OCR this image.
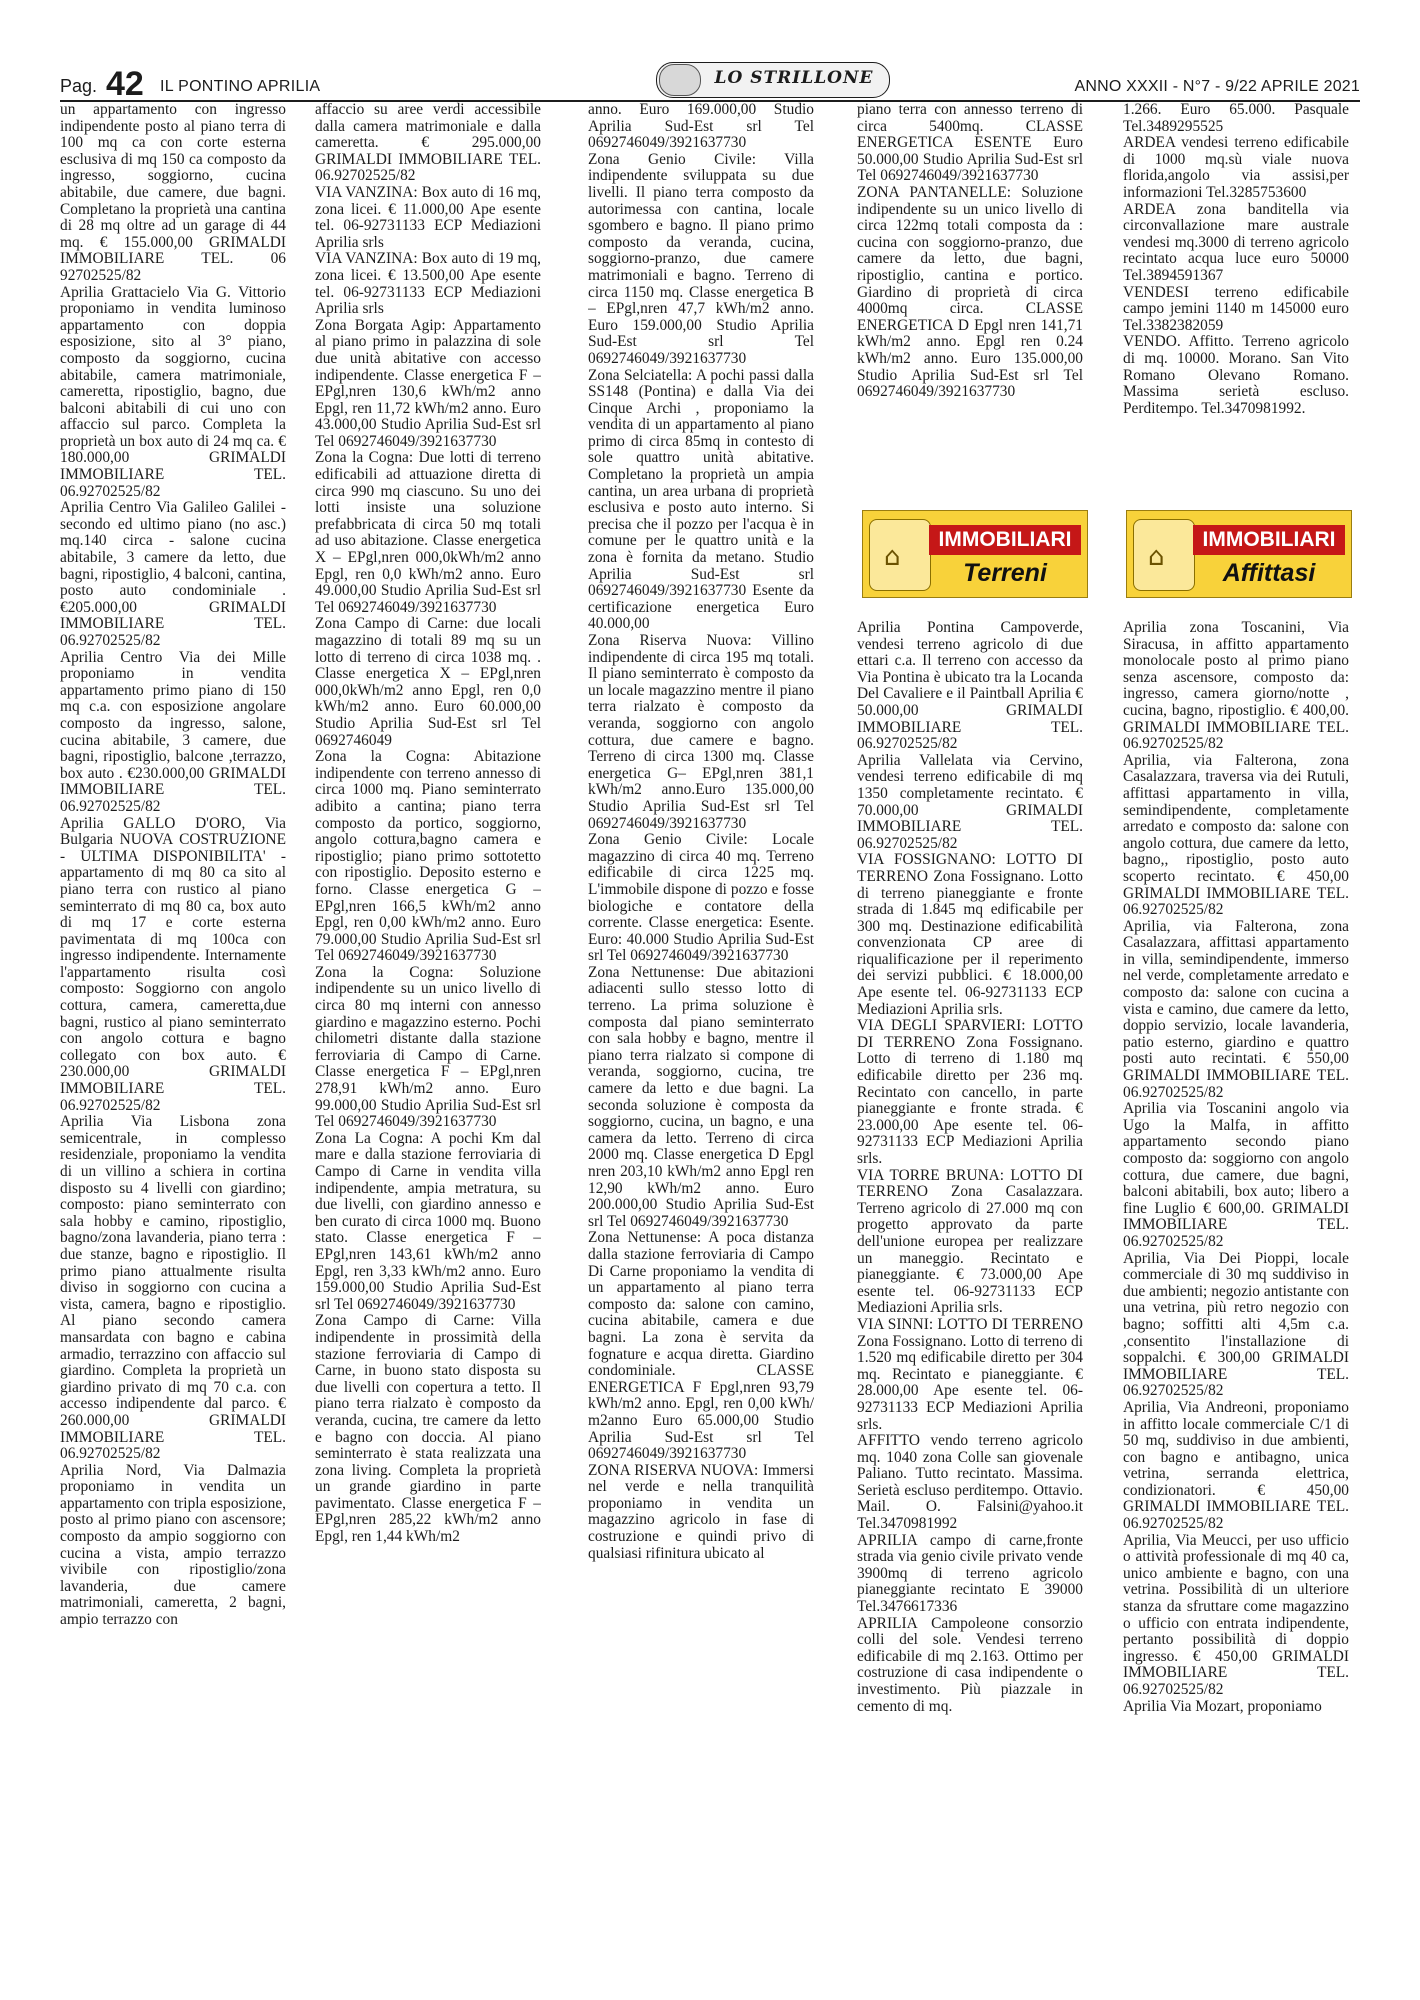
Pag. 42 IL PONTINO APRILIA	LO STRILLONE	ANNO XXXII - N°7 - 9/22 APRILE 2021

un appartamento con ingresso indipendente posto al piano terra di 100 mq ca con corte esterna esclusiva di mq 150 ca composto da ingresso, soggiorno, cucina abitabile, due camere, due bagni. Completano la proprietà una cantina di 28 mq oltre ad un garage di 44 mq. € 155.000,00 GRIMALDI IMMOBILIARE TEL. 06 92702525/82

Aprilia Grattacielo Via G. Vittorio proponiamo in vendita luminoso appartamento con doppia esposizione, sito al 3° piano, composto da soggiorno, cucina abitabile, camera matrimoniale, cameretta, ripostiglio, bagno, due balconi abitabili di cui uno con affaccio sul parco. Completa la proprietà un box auto di 24 mq ca. € 180.000,00 GRIMALDI IMMOBILIARE TEL. 06.92702525/82

Aprilia Centro Via Galileo Galilei - secondo ed ultimo piano (no asc.) mq.140 circa - salone cucina abitabile, 3 camere da letto, due bagni, ripostiglio, 4 balconi, cantina, posto auto condominiale . €205.000,00 GRIMALDI IMMOBILIARE TEL. 06.92702525/82

Aprilia Centro Via dei Mille proponiamo in vendita appartamento primo piano di 150 mq c.a. con esposizione angolare composto da ingresso, salone, cucina abitabile, 3 camere, due bagni, ripostiglio, balcone ,terrazzo, box auto . €230.000,00 GRIMALDI IMMOBILIARE TEL. 06.92702525/82

Aprilia GALLO D'ORO, Via Bulgaria NUOVA COSTRUZIONE - ULTIMA DISPONIBILITA' - appartamento di mq 80 ca sito al piano terra con rustico al piano seminterrato di mq 80 ca, box auto di mq 17 e corte esterna pavimentata di mq 100ca con ingresso indipendente. Internamente l'appartamento risulta così composto: Soggiorno con angolo cottura, camera, cameretta,due bagni, rustico al piano seminterrato con angolo cottura e bagno collegato con box auto. € 230.000,00 GRIMALDI IMMOBILIARE TEL. 06.92702525/82

Aprilia Via Lisbona zona semicentrale, in complesso residenziale, proponiamo la vendita di un villino a schiera in cortina disposto su 4 livelli con giardino; composto: piano seminterrato con sala hobby e camino, ripostiglio, bagno/zona lavanderia, piano terra : due stanze, bagno e ripostiglio. Il primo piano attualmente risulta diviso in soggiorno con cucina a vista, camera, bagno e ripostiglio. Al piano secondo camera mansardata con bagno e cabina armadio, terrazzino con affaccio sul giardino. Completa la proprietà un giardino privato di mq 70 c.a. con accesso indipendente dal parco. € 260.000,00 GRIMALDI IMMOBILIARE TEL. 06.92702525/82

Aprilia Nord, Via Dalmazia proponiamo in vendita un appartamento con tripla esposizione, posto al primo piano con ascensore; composto da ampio soggiorno con cucina a vista, ampio terrazzo vivibile con ripostiglio/zona lavanderia, due camere matrimoniali, cameretta, 2 bagni, ampio terrazzo con

affaccio su aree verdi accessibile dalla camera matrimoniale e dalla cameretta. € 295.000,00 GRIMALDI IMMOBILIARE TEL. 06.92702525/82

VIA VANZINA: Box auto di 16 mq, zona licei. € 11.000,00 Ape esente tel. 06-92731133 ECP Mediazioni Aprilia srls

VIA VANZINA: Box auto di 19 mq, zona licei. € 13.500,00 Ape esente tel. 06-92731133 ECP Mediazioni Aprilia srls

Zona Borgata Agip: Appartamento al piano primo in palazzina di sole due unità abitative con accesso indipendente. Classe energetica F – EPgl,nren 130,6 kWh/m2 anno Epgl, ren 11,72 kWh/m2 anno. Euro 43.000,00 Studio Aprilia Sud-Est srl Tel 0692746049/3921637730

Zona la Cogna: Due lotti di terreno edificabili ad attuazione diretta di circa 990 mq ciascuno. Su uno dei lotti insiste una soluzione prefabbricata di circa 50 mq totali ad uso abitazione. Classe energetica X – EPgl,nren 000,0kWh/m2 anno Epgl, ren 0,0 kWh/m2 anno. Euro 49.000,00 Studio Aprilia Sud-Est srl Tel 0692746049/3921637730

Zona Campo di Carne: due locali magazzino di totali 89 mq su un lotto di terreno di circa 1038 mq. . Classe energetica X – EPgl,nren 000,0kWh/m2 anno Epgl, ren 0,0 kWh/m2 anno. Euro 60.000,00 Studio Aprilia Sud-Est srl Tel 0692746049

Zona la Cogna: Abitazione indipendente con terreno annesso di circa 1000 mq. Piano seminterrato adibito a cantina; piano terra composto da portico, soggiorno, angolo cottura,bagno camera e ripostiglio; piano primo sottotetto con ripostiglio. Deposito esterno e forno. Classe energetica G – EPgl,nren 166,5 kWh/m2 anno Epgl, ren 0,00 kWh/m2 anno. Euro 79.000,00 Studio Aprilia Sud-Est srl Tel 0692746049/3921637730

Zona la Cogna: Soluzione indipendente su un unico livello di circa 80 mq interni con annesso giardino e magazzino esterno. Pochi chilometri distante dalla stazione ferroviaria di Campo di Carne. Classe energetica F – EPgl,nren 278,91 kWh/m2 anno. Euro 99.000,00 Studio Aprilia Sud-Est srl Tel 0692746049/3921637730

Zona La Cogna: A pochi Km dal mare e dalla stazione ferroviaria di Campo di Carne in vendita villa indipendente, ampia metratura, su due livelli, con giardino annesso e ben curato di circa 1000 mq. Buono stato. Classe energetica F – EPgl,nren 143,61 kWh/m2 anno Epgl, ren 3,33 kWh/m2 anno. Euro 159.000,00 Studio Aprilia Sud-Est srl Tel 0692746049/3921637730

Zona Campo di Carne: Villa indipendente in prossimità della stazione ferroviaria di Campo di Carne, in buono stato disposta su due livelli con copertura a tetto. Il piano terra rialzato è composto da veranda, cucina, tre camere da letto e bagno con doccia. Al piano seminterrato è stata realizzata una zona living. Completa la proprietà un grande giardino in parte pavimentato. Classe energetica F – EPgl,nren 285,22 kWh/m2 anno Epgl, ren 1,44 kWh/m2

anno. Euro 169.000,00 Studio Aprilia Sud-Est srl Tel 0692746049/3921637730

Zona Genio Civile: Villa indipendente sviluppata su due livelli. Il piano terra composto da autorimessa con cantina, locale sgombero e bagno. Il piano primo composto da veranda, cucina, soggiorno-pranzo, due camere matrimoniali e bagno. Terreno di circa 1150 mq. Classe energetica B – EPgl,nren 47,7 kWh/m2 anno. Euro 159.000,00 Studio Aprilia Sud-Est srl Tel 0692746049/3921637730

Zona Selciatella: A pochi passi dalla SS148 (Pontina) e dalla Via dei Cinque Archi , proponiamo la vendita di un appartamento al piano primo di circa 85mq in contesto di sole quattro unità abitative. Completano la proprietà un ampia cantina, un area urbana di proprietà esclusiva e posto auto interno. Si precisa che il pozzo per l'acqua è in comune per le quattro unità e la zona è fornita da metano. Studio Aprilia Sud-Est srl 0692746049/3921637730 Esente da certificazione energetica Euro 40.000,00

Zona Riserva Nuova: Villino indipendente di circa 195 mq totali. Il piano seminterrato è composto da un locale magazzino mentre il piano terra rialzato è composto da veranda, soggiorno con angolo cottura, due camere e bagno. Terreno di circa 1300 mq. Classe energetica G– EPgl,nren 381,1 kWh/m2 anno.Euro 135.000,00 Studio Aprilia Sud-Est srl Tel 0692746049/3921637730

Zona Genio Civile: Locale magazzino di circa 40 mq. Terreno edificabile di circa 1225 mq. L'immobile dispone di pozzo e fosse biologiche e contatore della corrente. Classe energetica: Esente. Euro: 40.000 Studio Aprilia Sud-Est srl Tel 0692746049/3921637730

Zona Nettunense: Due abitazioni adiacenti sullo stesso lotto di terreno. La prima soluzione è composta dal piano seminterrato con sala hobby e bagno, mentre il piano terra rialzato si compone di veranda, soggiorno, cucina, tre camere da letto e due bagni. La seconda soluzione è composta da soggiorno, cucina, un bagno, e una camera da letto. Terreno di circa 2000 mq. Classe energetica D Epgl nren 203,10 kWh/m2 anno Epgl ren 12,90 kWh/m2 anno. Euro 200.000,00 Studio Aprilia Sud-Est srl Tel 0692746049/3921637730

Zona Nettunense: A poca distanza dalla stazione ferroviaria di Campo Di Carne proponiamo la vendita di un appartamento al piano terra composto da: salone con camino, cucina abitabile, camera e due bagni. La zona è servita da fognature e acqua diretta. Giardino condominiale. CLASSE ENERGETICA F Epgl,nren 93,79 kWh/m2 anno. Epgl, ren 0,00 kWh/ m2anno Euro 65.000,00 Studio Aprilia Sud-Est srl Tel 0692746049/3921637730

ZONA RISERVA NUOVA: Immersi nel verde e nella tranquilità proponiamo in vendita un magazzino agricolo in fase di costruzione e quindi privo di qualsiasi rifinitura ubicato al

piano terra con annesso terreno di circa 5400mq. CLASSE ENERGETICA ESENTE Euro 50.000,00 Studio Aprilia Sud-Est srl Tel 0692746049/3921637730

ZONA PANTANELLE: Soluzione indipendente su un unico livello di circa 122mq totali composta da : cucina con soggiorno-pranzo, due camere da letto, due bagni, ripostiglio, cantina e portico. Giardino di proprietà di circa 4000mq circa. CLASSE ENERGETICA D Epgl nren 141,71 kWh/m2 anno. Epgl ren 0.24 kWh/m2 anno. Euro 135.000,00 Studio Aprilia Sud-Est srl Tel 0692746049/3921637730

1.266. Euro 65.000. Pasquale Tel.3489295525

ARDEA vendesi terreno edificabile di 1000 mq.sù viale nuova florida,angolo via assisi,per informazioni Tel.3285753600

ARDEA zona banditella via circonvallazione mare australe vendesi mq.3000 di terreno agricolo recintato acqua luce euro 50000 Tel.3894591367

VENDESI terreno edificabile campo jemini 1140 m 145000 euro Tel.3382382059

VENDO. Affitto. Terreno agricolo di mq. 10000. Morano. San Vito Romano Olevano Romano. Massima serietà escluso. Perditempo. Tel.3470981992.

⌂
IMMOBILIARI
Terreni
⌂
IMMOBILIARI
Affittasi

Aprilia Pontina Campoverde, vendesi terreno agricolo di due ettari c.a. Il terreno con accesso da Via Pontina è ubicato tra la Locanda Del Cavaliere e il Paintball Aprilia € 50.000,00 GRIMALDI IMMOBILIARE TEL. 06.92702525/82

Aprilia Vallelata via Cervino, vendesi terreno edificabile di mq 1350 completamente recintato. € 70.000,00 GRIMALDI IMMOBILIARE TEL. 06.92702525/82

VIA FOSSIGNANO: LOTTO DI TERRENO Zona Fossignano. Lotto di terreno pianeggiante e fronte strada di 1.845 mq edificabile per 300 mq. Destinazione edificabilità convenzionata CP aree di riqualificazione per il reperimento dei servizi pubblici. € 18.000,00 Ape esente tel. 06-92731133 ECP Mediazioni Aprilia srls.

VIA DEGLI SPARVIERI: LOTTO DI TERRENO Zona Fossignano. Lotto di terreno di 1.180 mq edificabile diretto per 236 mq. Recintato con cancello, in parte pianeggiante e fronte strada. € 23.000,00 Ape esente tel. 06-92731133 ECP Mediazioni Aprilia srls.

VIA TORRE BRUNA: LOTTO DI TERRENO Zona Casalazzara. Terreno agricolo di 27.000 mq con progetto approvato da parte dell'unione europea per realizzare un maneggio. Recintato e pianeggiante. € 73.000,00 Ape esente tel. 06-92731133 ECP Mediazioni Aprilia srls.

VIA SINNI: LOTTO DI TERRENO Zona Fossignano. Lotto di terreno di 1.520 mq edificabile diretto per 304 mq. Recintato e pianeggiante. € 28.000,00 Ape esente tel. 06-92731133 ECP Mediazioni Aprilia srls.

AFFITTO vendo terreno agricolo mq. 1040 zona Colle san giovenale Paliano. Tutto recintato. Massima. Serietà escluso perditempo. Ottavio. Mail. O. Falsini@yahoo.it Tel.3470981992

APRILIA campo di carne,fronte strada via genio civile privato vende 3900mq di terreno agricolo pianeggiante recintato E 39000 Tel.3476617336

APRILIA Campoleone consorzio colli del sole. Vendesi terreno edificabile di mq 2.163. Ottimo per costruzione di casa indipendente o investimento. Più piazzale in cemento di mq.

Aprilia zona Toscanini, Via Siracusa, in affitto appartamento monolocale posto al primo piano senza ascensore, composto da: ingresso, camera giorno/notte , cucina, bagno, ripostiglio. € 400,00. GRIMALDI IMMOBILIARE TEL. 06.92702525/82

Aprilia, via Falterona, zona Casalazzara, traversa via dei Rutuli, affittasi appartamento in villa, semindipendente, completamente arredato e composto da: salone con angolo cottura, due camere da letto, bagno,, ripostiglio, posto auto scoperto recintato. € 450,00 GRIMALDI IMMOBILIARE TEL. 06.92702525/82

Aprilia, via Falterona, zona Casalazzara, affittasi appartamento in villa, semindipendente, immerso nel verde, completamente arredato e composto da: salone con cucina a vista e camino, due camere da letto, doppio servizio, locale lavanderia, patio esterno, giardino e quattro posti auto recintati. € 550,00 GRIMALDI IMMOBILIARE TEL. 06.92702525/82

Aprilia via Toscanini angolo via Ugo la Malfa, in affitto appartamento secondo piano composto da: soggiorno con angolo cottura, due camere, due bagni, balconi abitabili, box auto; libero a fine Luglio € 600,00. GRIMALDI IMMOBILIARE TEL. 06.92702525/82

Aprilia, Via Dei Pioppi, locale commerciale di 30 mq suddiviso in due ambienti; negozio antistante con una vetrina, più retro negozio con bagno; soffitti alti 4,5m c.a. ,consentito l'installazione di soppalchi. € 300,00 GRIMALDI IMMOBILIARE TEL. 06.92702525/82

Aprilia, Via Andreoni, proponiamo in affitto locale commerciale C/1 di 50 mq, suddiviso in due ambienti, con bagno e antibagno, unica vetrina, serranda elettrica, condizionatori. € 450,00 GRIMALDI IMMOBILIARE TEL. 06.92702525/82

Aprilia, Via Meucci, per uso ufficio o attività professionale di mq 40 ca, unico ambiente e bagno, con una vetrina. Possibilità di un ulteriore stanza da sfruttare come magazzino o ufficio con entrata indipendente, pertanto possibilità di doppio ingresso. € 450,00 GRIMALDI IMMOBILIARE TEL. 06.92702525/82

Aprilia Via Mozart, proponiamo
